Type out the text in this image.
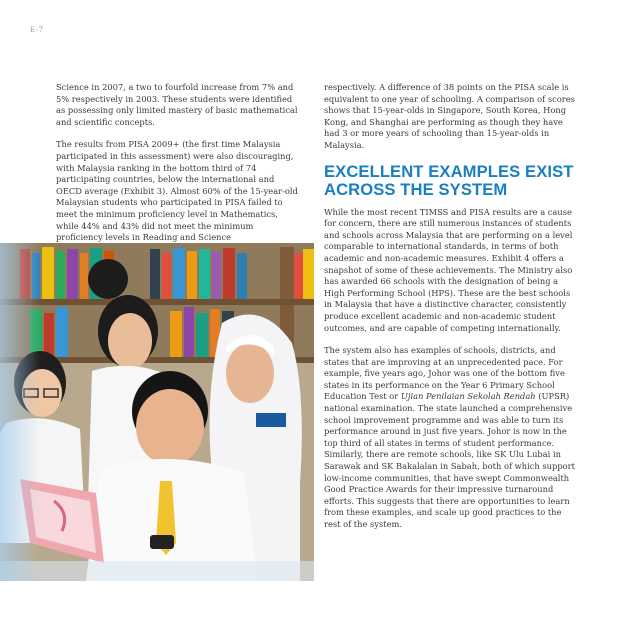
E-7

Science in 2007, a two to fourfold increase from 7% and 5% respectively in 2003. These students were identified as possessing only limited mastery of basic mathematical and scientific concepts.

The results from PISA 2009+ (the first time Malaysia participated in this assessment) were also discouraging, with Malaysia ranking in the bottom third of 74 participating countries, below the international and OECD average (Exhibit 3). Almost 60% of the 15-year-old Malaysian students who participated in PISA failed to meet the minimum proficiency level in Mathematics, while 44% and 43% did not meet the minimum proficiency levels in Reading and Science

respectively. A difference of 38 points on the PISA scale is equivalent to one year of schooling. A comparison of scores shows that 15-year-olds in Singapore, South Korea, Hong Kong, and Shanghai are performing as though they have had 3 or more years of schooling than 15-year-olds in Malaysia.

EXCELLENT EXAMPLES EXIST
ACROSS THE SYSTEM

While the most recent TIMSS and PISA results are a cause for concern, there are still numerous instances of students and schools across Malaysia that are performing on a level comparable to international standards, in terms of both academic and non-academic measures. Exhibit 4 offers a snapshot of some of these achievements. The Ministry also has awarded 66 schools with the designation of being a High Performing School (HPS). These are the best schools in Malaysia that have a distinctive character, consistently produce excellent academic and non-academic student outcomes, and are capable of competing internationally.

The system also has examples of schools, districts, and states that are improving at an unprecedented pace. For example, five years ago, Johor was one of the bottom five states in its performance on the Year 6 Primary School Education Test or Ujian Penilaian Sekolah Rendah (UPSR) national examination. The state launched a comprehensive school improvement programme and was able to turn its performance around in just five years. Johor is now in the top third of all states in terms of student performance. Similarly, there are remote schools, like SK Ulu Lubai in Sarawak and SK Bakalalan in Sabah, both of which support low-income communities, that have swept Commonwealth Good Practice Awards for their impressive turnaround efforts. This suggests that there are opportunities to learn from these examples, and scale up good practices to the rest of the system.
